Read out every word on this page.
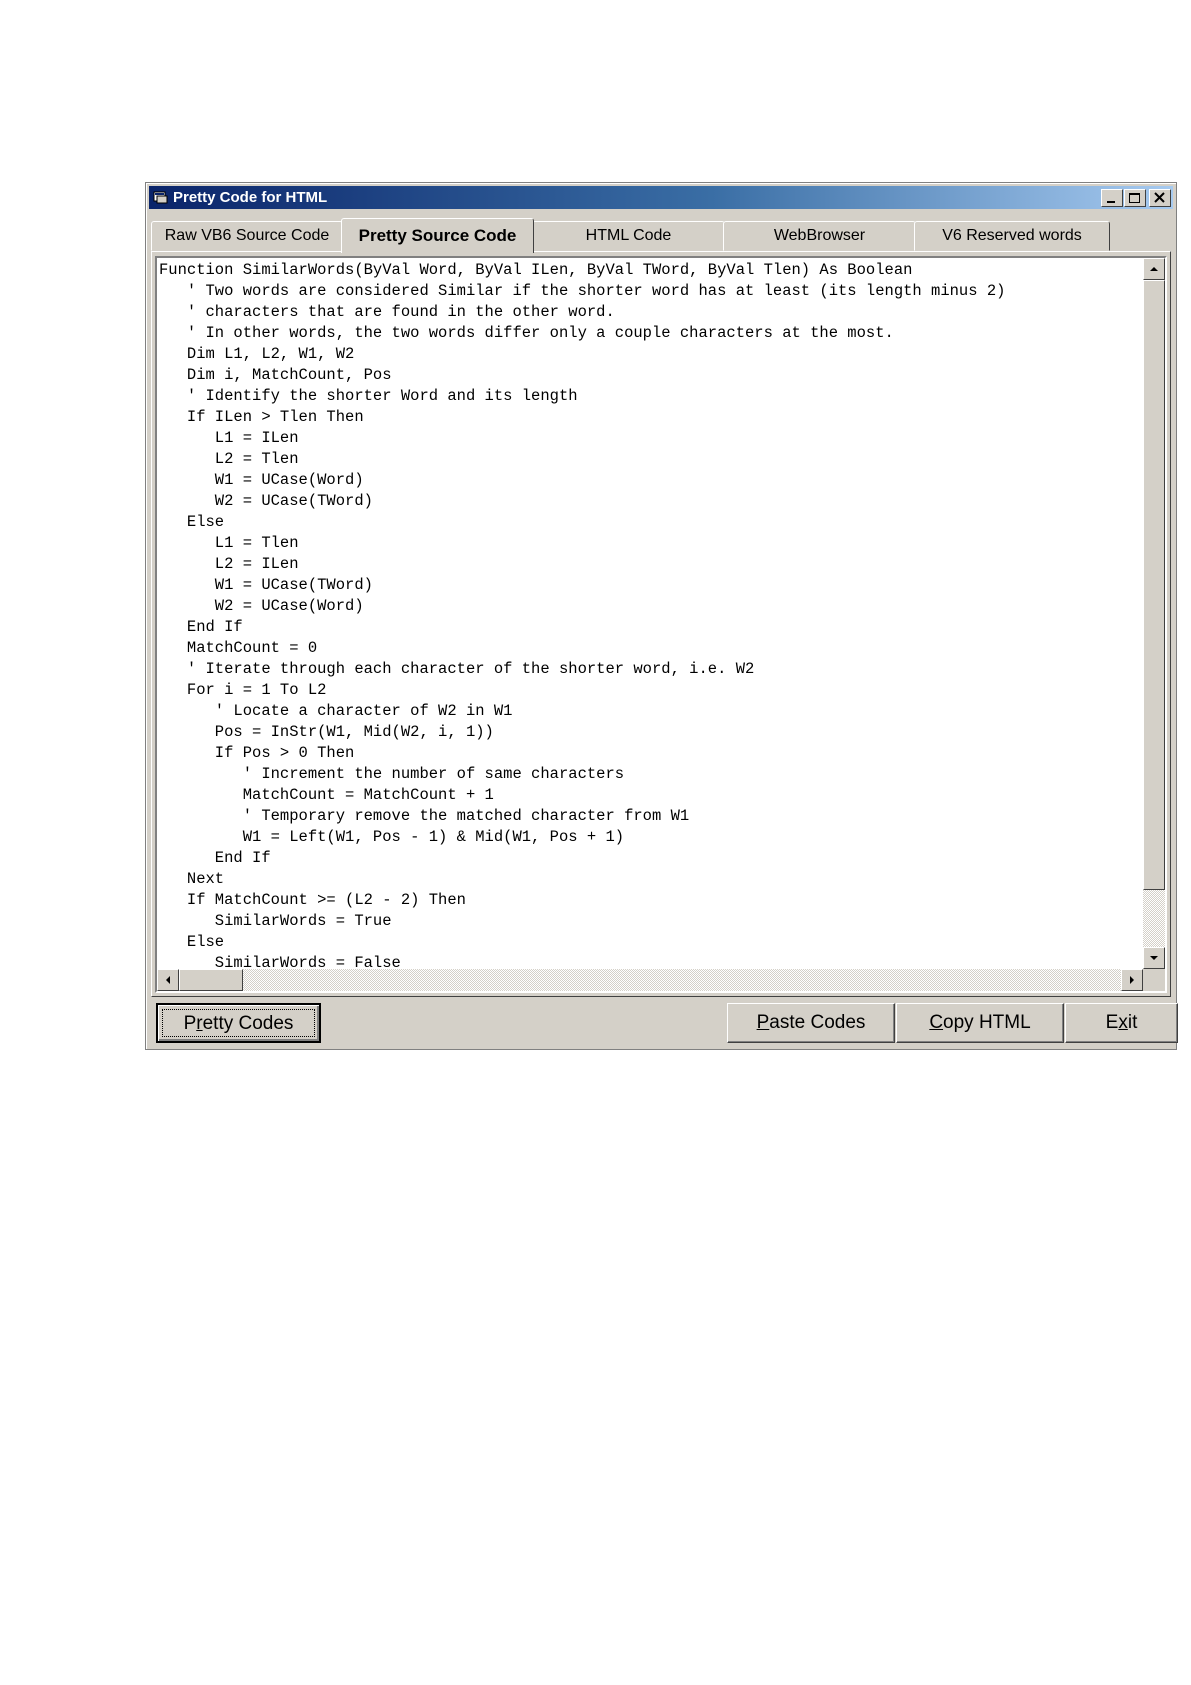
Pretty Code for HTML
Raw VB6 Source Code	Pretty Source Code	HTML Code	WebBrowser	V6 Reserved words
Function SimilarWords(ByVal Word, ByVal ILen, ByVal TWord, ByVal Tlen) As Boolean
' Two words are considered Similar if the shorter word has at least (its length minus 2)
' characters that are found in the other word.
' In other words, the two words differ only a couple characters at the most.
Dim L1, L2, W1, W2
Dim i, MatchCount, Pos
' Identify the shorter Word and its length
If ILen > Tlen Then
L1 = ILen
L2 = Tlen
W1 = UCase(Word)
W2 = UCase(TWord)
Else
L1 = Tlen
L2 = ILen
W1 = UCase(TWord)
W2 = UCase(Word)
End If
MatchCount = 0
' Iterate through each character of the shorter word, i.e. W2
For i = 1 To L2
' Locate a character of W2 in W1
Pos = InStr(W1, Mid(W2, i, 1))
If Pos > 0 Then
' Increment the number of same characters
MatchCount = MatchCount + 1
' Temporary remove the matched character from W1
W1 = Left(W1, Pos - 1) & Mid(W1, Pos + 1)
End If
Next
If MatchCount >= (L2 - 2) Then
SimilarWords = True
Else
SimilarWords = False
Pretty Codes	Paste Codes	Copy HTML	Exit
